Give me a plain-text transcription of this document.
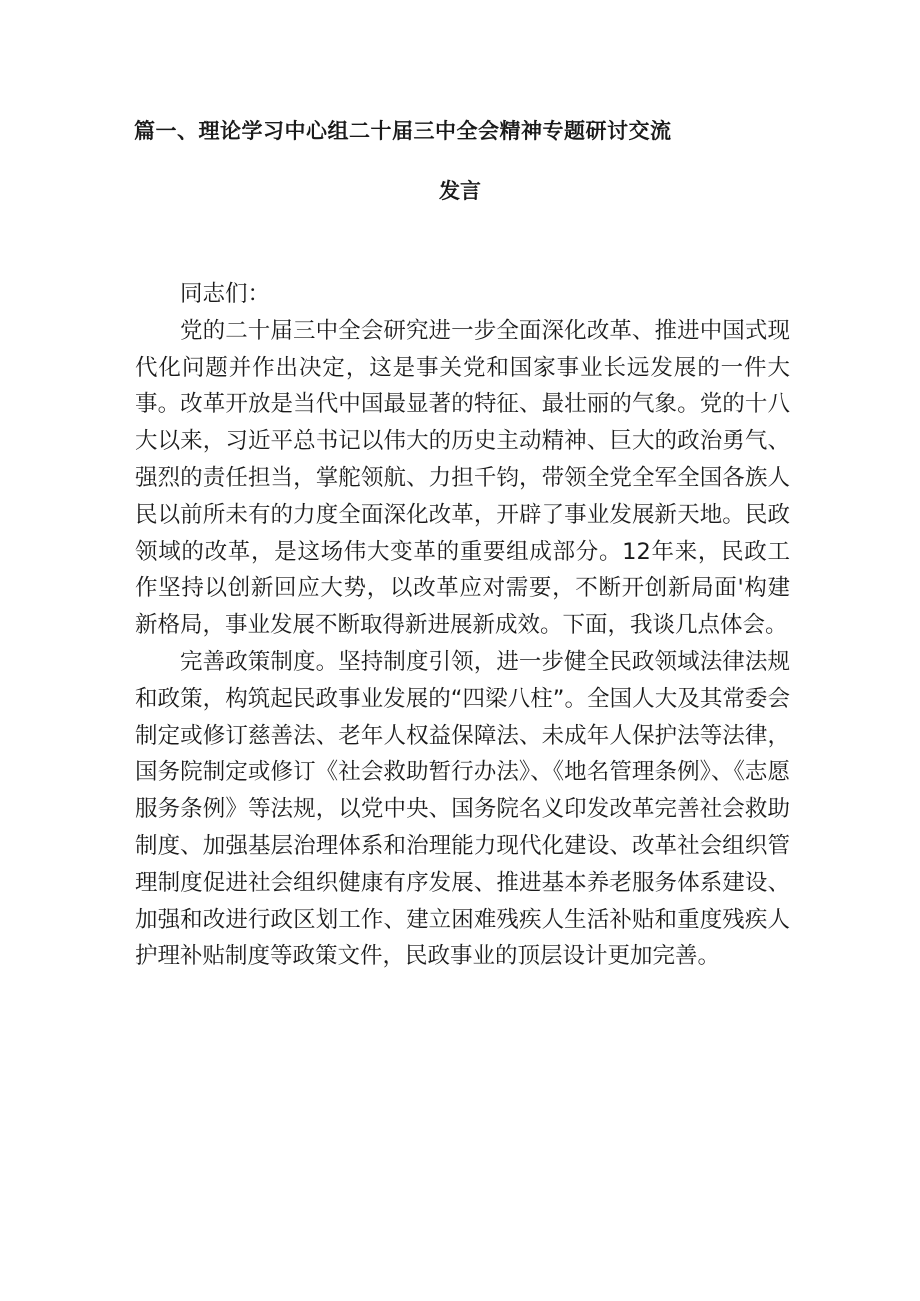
篇一、理论学习中心组二十届三中全会精神专题研讨交流
发言

同志们：

党的二十届三中全会研究进一步全面深化改革、推进中国式现代化问题并作出决定，这是事关党和国家事业长远发展的一件大事。改革开放是当代中国最显著的特征、最壮丽的气象。党的十八大以来，习近平总书记以伟大的历史主动精神、巨大的政治勇气、强烈的责任担当，掌舵领航、力担千钧，带领全党全军全国各族人民以前所未有的力度全面深化改革，开辟了事业发展新天地。民政领域的改革，是这场伟大变革的重要组成部分。12年来，民政工作坚持以创新回应大势，以改革应对需要，不断开创新局面'构建新格局，事业发展不断取得新进展新成效。下面，我谈几点体会。

完善政策制度。坚持制度引领，进一步健全民政领域法律法规和政策，构筑起民政事业发展的“四梁八柱”。全国人大及其常委会制定或修订慈善法、老年人权益保障法、未成年人保护法等法律，国务院制定或修订《社会救助暂行办法》、《地名管理条例》、《志愿服务条例》等法规，以党中央、国务院名义印发改革完善社会救助制度、加强基层治理体系和治理能力现代化建设、改革社会组织管理制度促进社会组织健康有序发展、推进基本养老服务体系建设、加强和改进行政区划工作、建立困难残疾人生活补贴和重度残疾人护理补贴制度等政策文件，民政事业的顶层设计更加完善。
